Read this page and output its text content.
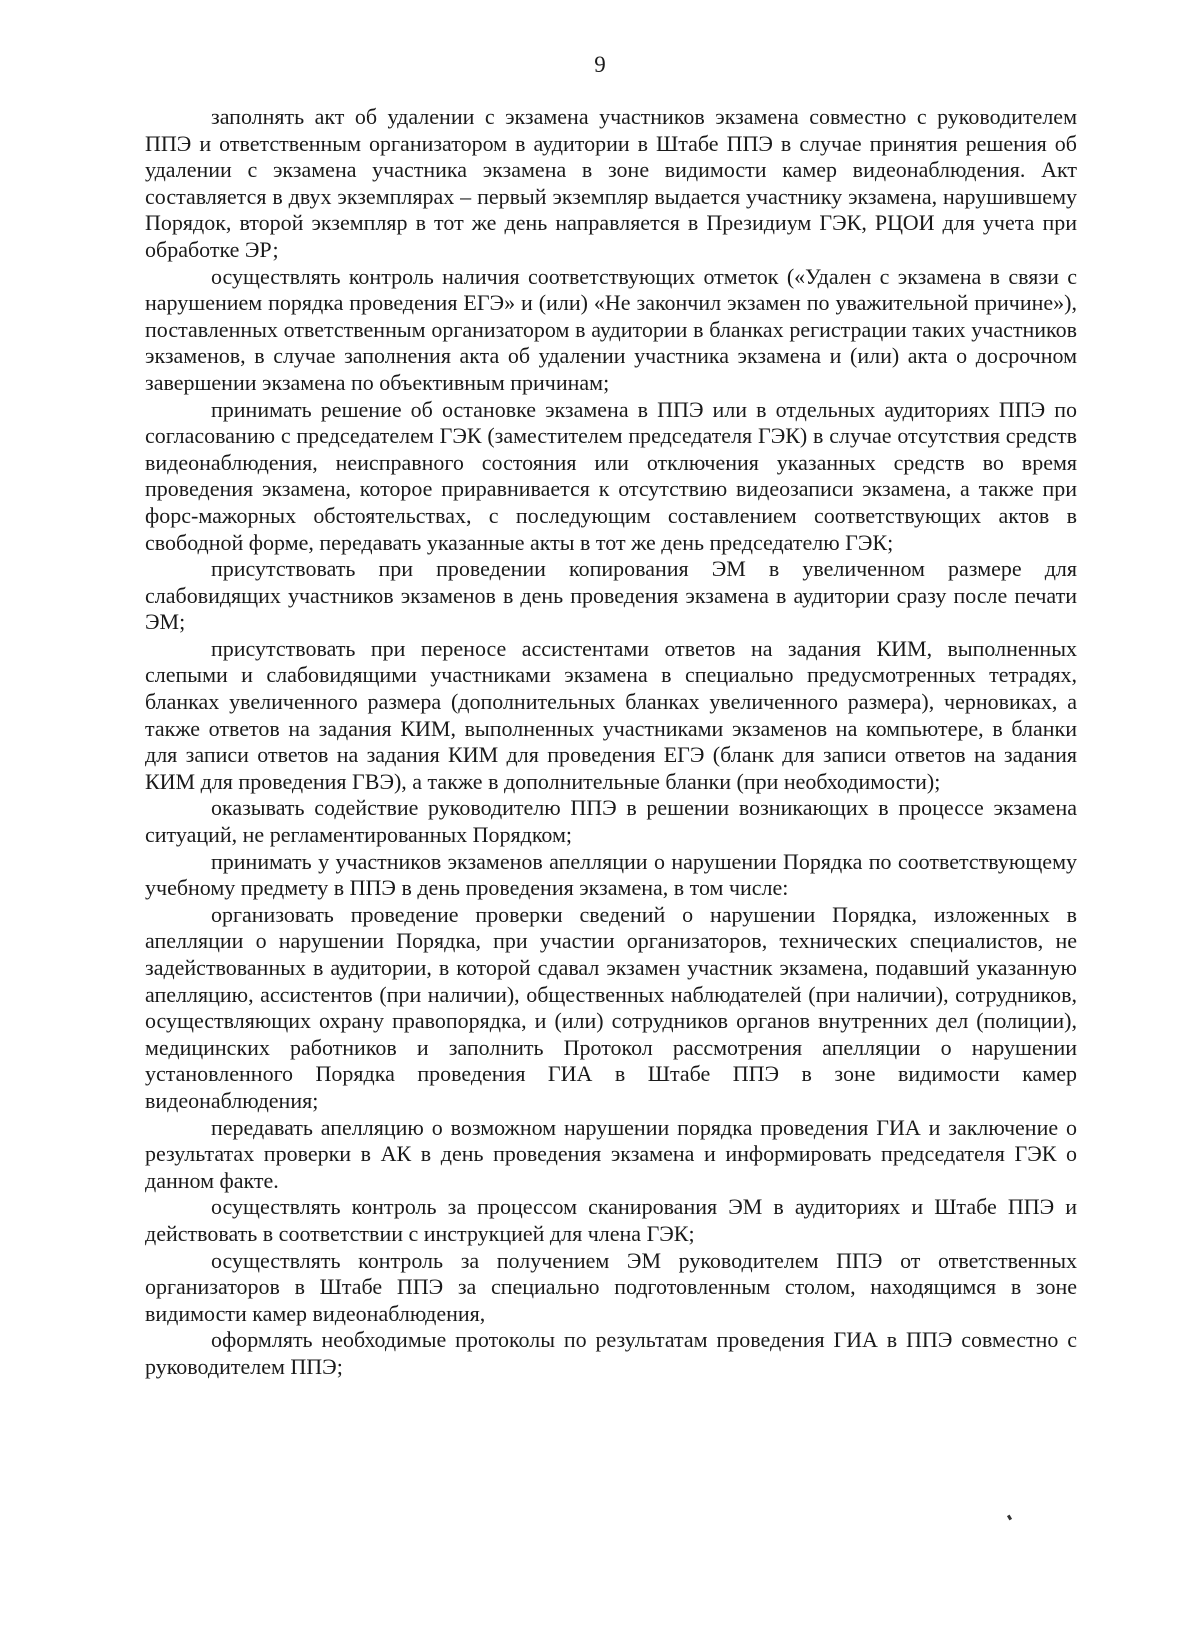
9

заполнять акт об удалении с экзамена участников экзамена совместно с руководителем ППЭ и ответственным организатором в аудитории в Штабе ППЭ в случае принятия решения об удалении с экзамена участника экзамена в зоне видимости камер видеонаблюдения. Акт составляется в двух экземплярах – первый экземпляр выдается участнику экзамена, нарушившему Порядок, второй экземпляр в тот же день направляется в Президиум ГЭК, РЦОИ для учета при обработке ЭР;

осуществлять контроль наличия соответствующих отметок («Удален с экзамена в связи с нарушением порядка проведения ЕГЭ» и (или) «Не закончил экзамен по уважительной причине»), поставленных ответственным организатором в аудитории в бланках регистрации таких участников экзаменов, в случае заполнения акта об удалении участника экзамена и (или) акта о досрочном завершении экзамена по объективным причинам;

принимать решение об остановке экзамена в ППЭ или в отдельных аудиториях ППЭ по согласованию с председателем ГЭК (заместителем председателя ГЭК) в случае отсутствия средств видеонаблюдения, неисправного состояния или отключения указанных средств во время проведения экзамена, которое приравнивается к отсутствию видеозаписи экзамена, а также при форс-мажорных обстоятельствах, с последующим составлением соответствующих актов в свободной форме, передавать указанные акты в тот же день председателю ГЭК;

присутствовать при проведении копирования ЭМ в увеличенном размере для слабовидящих участников экзаменов в день проведения экзамена в аудитории сразу после печати ЭМ;

присутствовать при переносе ассистентами ответов на задания КИМ, выполненных слепыми и слабовидящими участниками экзамена в специально предусмотренных тетрадях, бланках увеличенного размера (дополнительных бланках увеличенного размера), черновиках, а также ответов на задания КИМ, выполненных участниками экзаменов на компьютере, в бланки для записи ответов на задания КИМ для проведения ЕГЭ (бланк для записи ответов на задания КИМ для проведения ГВЭ), а также в дополнительные бланки (при необходимости);

оказывать содействие руководителю ППЭ в решении возникающих в процессе экзамена ситуаций, не регламентированных Порядком;

принимать у участников экзаменов апелляции о нарушении Порядка по соответствующему учебному предмету в ППЭ в день проведения экзамена, в том числе:

организовать проведение проверки сведений о нарушении Порядка, изложенных в апелляции о нарушении Порядка, при участии организаторов, технических специалистов, не задействованных в аудитории, в которой сдавал экзамен участник экзамена, подавший указанную апелляцию, ассистентов (при наличии), общественных наблюдателей (при наличии), сотрудников, осуществляющих охрану правопорядка, и (или) сотрудников органов внутренних дел (полиции), медицинских работников и заполнить Протокол рассмотрения апелляции о нарушении установленного Порядка проведения ГИА в Штабе ППЭ в зоне видимости камер видеонаблюдения;

передавать апелляцию о возможном нарушении порядка проведения ГИА и заключение о результатах проверки в АК в день проведения экзамена и информировать председателя ГЭК о данном факте.

осуществлять контроль за процессом сканирования ЭМ в аудиториях и Штабе ППЭ и действовать в соответствии с инструкцией для члена ГЭК;

осуществлять контроль за получением ЭМ руководителем ППЭ от ответственных организаторов в Штабе ППЭ за специально подготовленным столом, находящимся в зоне видимости камер видеонаблюдения,

оформлять необходимые протоколы по результатам проведения ГИА в ППЭ совместно с руководителем ППЭ;
